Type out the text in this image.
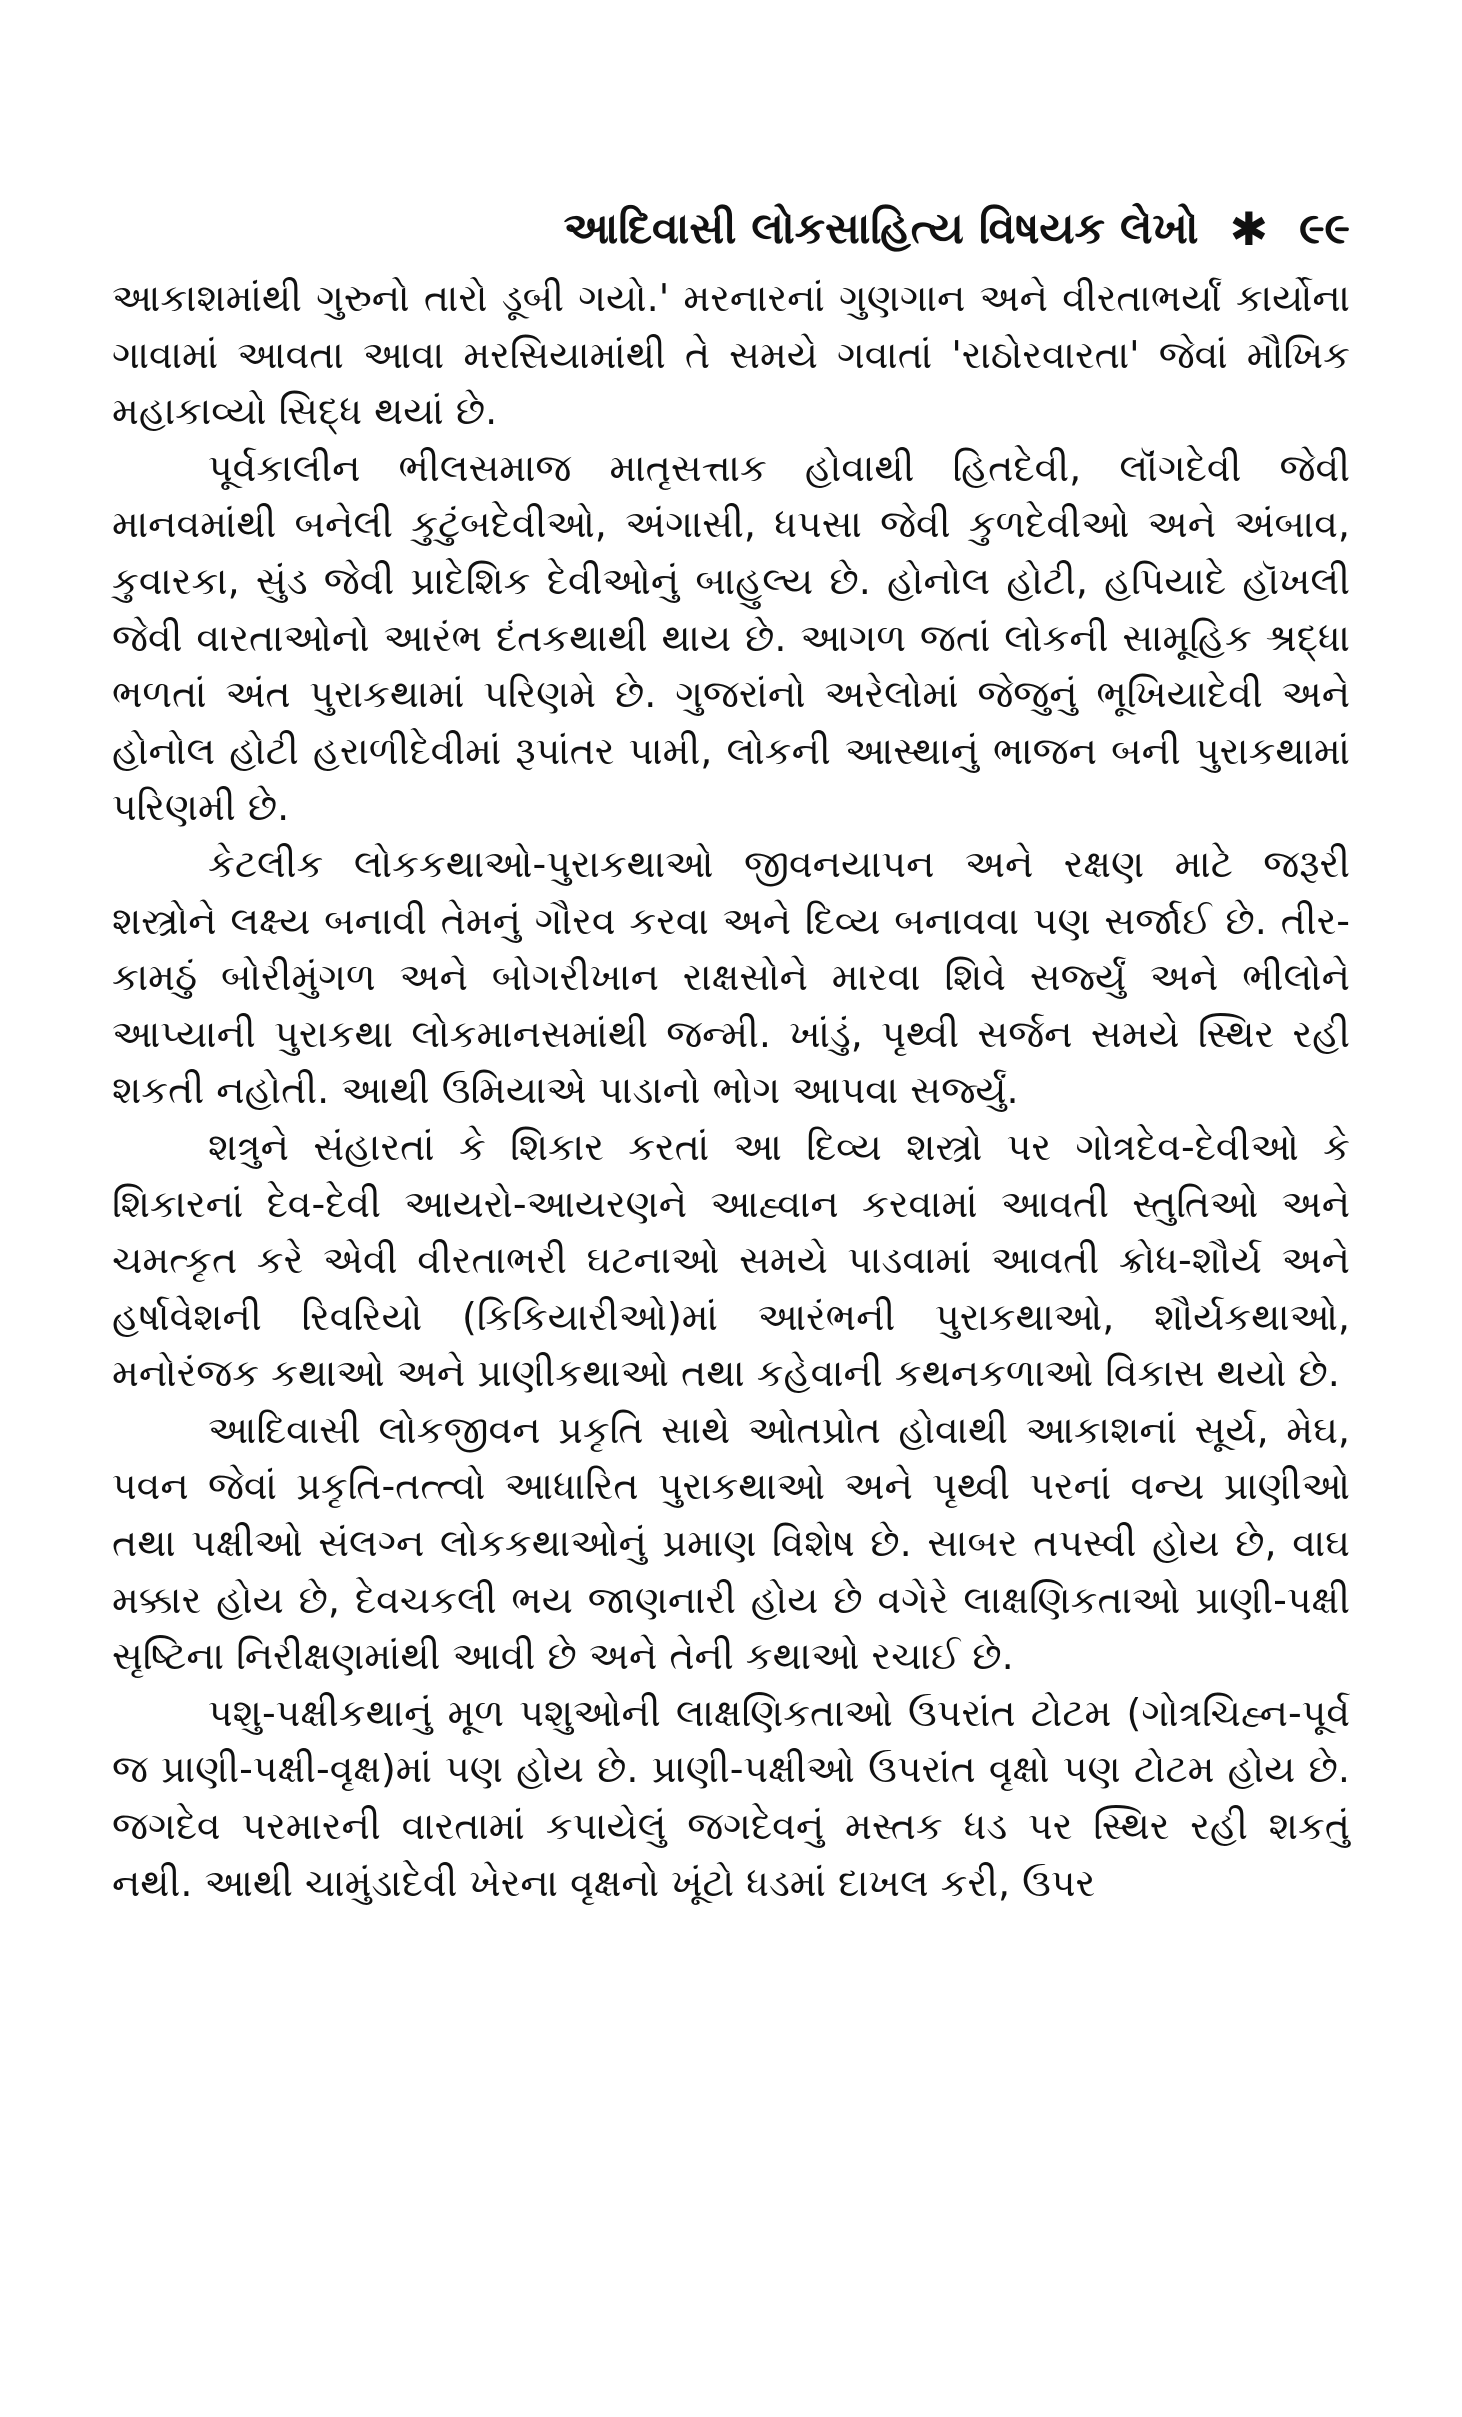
આદિવાસી લોકસાહિત્ય વિષયક લેખો ✱ ૯૯

આકાશમાંથી ગુરુનો તારો ડૂબી ગયો.' મરનારનાં ગુણગાન અને વીરતાભર્યાં કાર્યોના ગાવામાં આવતા આવા મરસિયામાંથી તે સમયે ગવાતાં 'રાઠોરવારતા' જેવાં મૌખિક મહાકાવ્યો સિદ્ધ થયાં છે.

પૂર્વકાલીન ભીલસમાજ માતૃસત્તાક હોવાથી હિતદેવી, લૉંગદેવી જેવી માનવમાંથી બનેલી કુટુંબદેવીઓ, અંગાસી, ધપસા જેવી કુળદેવીઓ અને અંબાવ, કુવારકા, સુંડ જેવી પ્રાદેશિક દેવીઓનું બાહુલ્ય છે. હોનોલ હોટી, હપિયાદે હૉખલી જેવી વારતાઓનો આરંભ દંતકથાથી થાય છે. આગળ જતાં લોકની સામૂહિક શ્રદ્ધા ભળતાં અંત પુરાકથામાં પરિણમે છે. ગુજરાંનો અરેલોમાં જેજુનું ભૂખિયાદેવી અને હોનોલ હોટી હરાળીદેવીમાં રૂપાંતર પામી, લોકની આસ્થાનું ભાજન બની પુરાકથામાં પરિણમી છે.

કેટલીક લોકકથાઓ-પુરાકથાઓ જીવનયાપન અને રક્ષણ માટે જરૂરી શસ્ત્રોને લક્ષ્ય બનાવી તેમનું ગૌરવ કરવા અને દિવ્ય બનાવવા પણ સર્જાઈ છે. તીર-કામઠું બોરીમુંગળ અને બોગરીખાન રાક્ષસોને મારવા શિવે સર્જ્યું અને ભીલોને આપ્યાની પુરાકથા લોકમાનસમાંથી જન્મી. ખાંડું, પૃથ્વી સર્જન સમયે સ્થિર રહી શકતી નહોતી. આથી ઉમિયાએ પાડાનો ભોગ આપવા સર્જ્યું.

શત્રુને સંહારતાં કે શિકાર કરતાં આ દિવ્ય શસ્ત્રો પર ગોત્રદેવ-દેવીઓ કે શિકારનાં દેવ-દેવી આયરો-આયરણને આહ્વાન કરવામાં આવતી સ્તુતિઓ અને ચમત્કૃત કરે એવી વીરતાભરી ઘટનાઓ સમયે પાડવામાં આવતી ક્રોધ-શૌર્ય અને હર્ષાવેશની રિવરિયો (કિકિયારીઓ)માં આરંભની પુરાકથાઓ, શૌર્યકથાઓ, મનોરંજક કથાઓ અને પ્રાણીકથાઓ તથા કહેવાની કથનકળાઓ વિકાસ થયો છે.

આદિવાસી લોકજીવન પ્રકૃતિ સાથે ઓતપ્રોત હોવાથી આકાશનાં સૂર્ય, મેઘ, પવન જેવાં પ્રકૃતિ-તત્ત્વો આધારિત પુરાકથાઓ અને પૃથ્વી પરનાં વન્ય પ્રાણીઓ તથા પક્ષીઓ સંલગ્ન લોકકથાઓનું પ્રમાણ વિશેષ છે. સાબર તપસ્વી હોય છે, વાઘ મક્કાર હોય છે, દેવચકલી ભય જાણનારી હોય છે વગેરે લાક્ષણિકતાઓ પ્રાણી-પક્ષી સૃષ્ટિના નિરીક્ષણમાંથી આવી છે અને તેની કથાઓ રચાઈ છે.

પશુ-પક્ષીકથાનું મૂળ પશુઓની લાક્ષણિકતાઓ ઉપરાંત ટોટમ (ગોત્રચિહ્ન-પૂર્વ જ પ્રાણી-પક્ષી-વૃક્ષ)માં પણ હોય છે. પ્રાણી-પક્ષીઓ ઉપરાંત વૃક્ષો પણ ટોટમ હોય છે. જગદેવ પરમારની વારતામાં કપાયેલું જગદેવનું મસ્તક ધડ પર સ્થિર રહી શકતું નથી. આથી ચામુંડાદેવી ખેરના વૃક્ષનો ખૂંટો ધડમાં દાખલ કરી, ઉપર
